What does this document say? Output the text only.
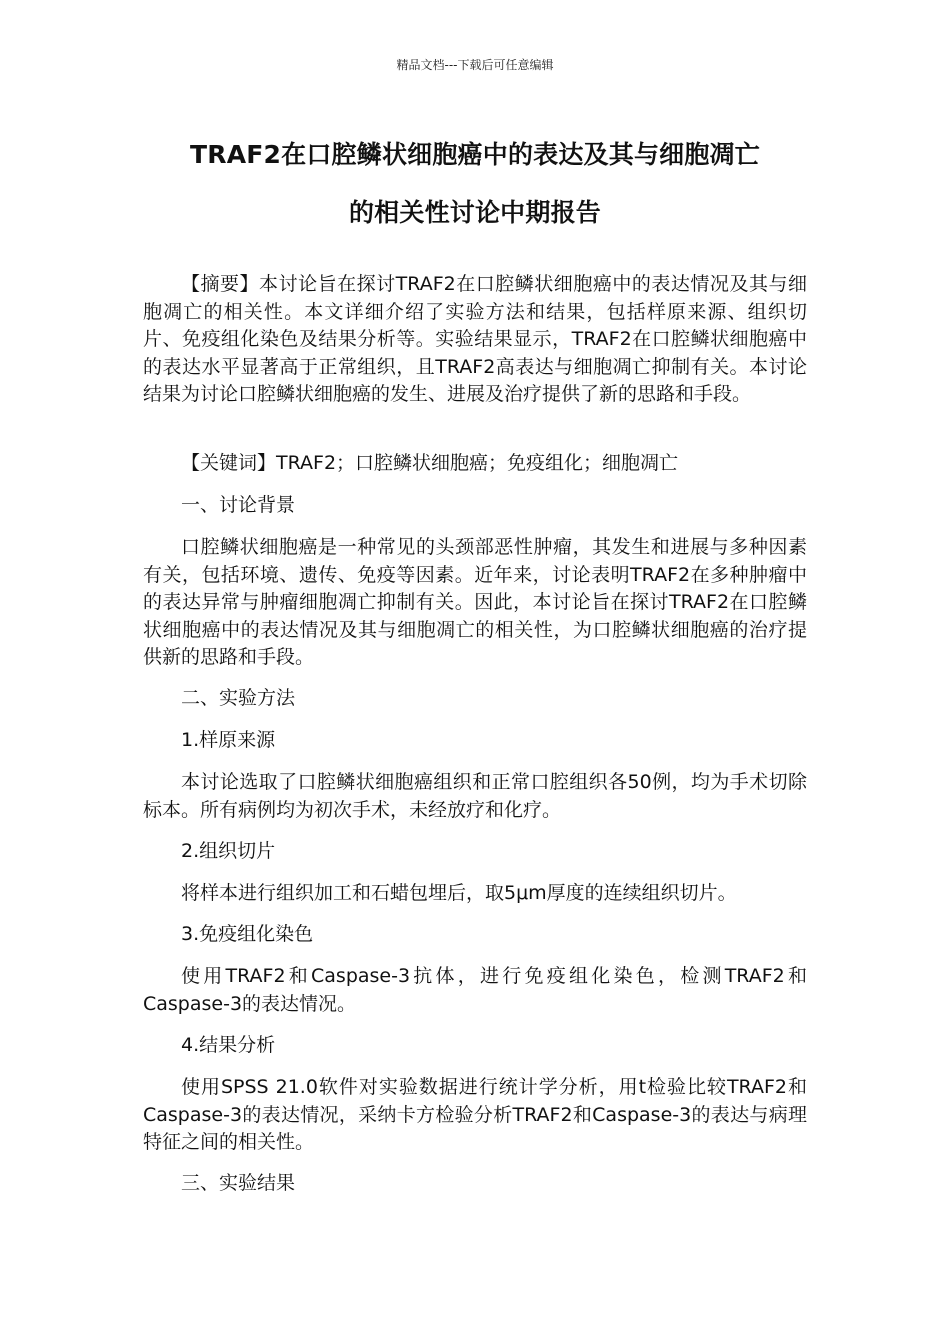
精品文档---下载后可任意编辑
TRAF2在口腔鳞状细胞癌中的表达及其与细胞凋亡
的相关性讨论中期报告

【摘要】本讨论旨在探讨TRAF2在口腔鳞状细胞癌中的表达情况及其与细胞凋亡的相关性。本文详细介绍了实验方法和结果，包括样原来源、组织切片、免疫组化染色及结果分析等。实验结果显示，TRAF2在口腔鳞状细胞癌中的表达水平显著高于正常组织，且TRAF2高表达与细胞凋亡抑制有关。本讨论结果为讨论口腔鳞状细胞癌的发生、进展及治疗提供了新的思路和手段。

【关键词】TRAF2；口腔鳞状细胞癌；免疫组化；细胞凋亡

一、讨论背景

口腔鳞状细胞癌是一种常见的头颈部恶性肿瘤，其发生和进展与多种因素有关，包括环境、遗传、免疫等因素。近年来，讨论表明TRAF2在多种肿瘤中的表达异常与肿瘤细胞凋亡抑制有关。因此，本讨论旨在探讨TRAF2在口腔鳞状细胞癌中的表达情况及其与细胞凋亡的相关性，为口腔鳞状细胞癌的治疗提供新的思路和手段。

二、实验方法

1.样原来源

本讨论选取了口腔鳞状细胞癌组织和正常口腔组织各50例，均为手术切除标本。所有病例均为初次手术，未经放疗和化疗。

2.组织切片

将样本进行组织加工和石蜡包埋后，取5μm厚度的连续组织切片。

3.免疫组化染色

使用TRAF2和Caspase-3抗体，进行免疫组化染色，检测TRAF2和Caspase-3的表达情况。

4.结果分析

使用SPSS 21.0软件对实验数据进行统计学分析，用t检验比较TRAF2和Caspase-3的表达情况，采纳卡方检验分析TRAF2和Caspase-3的表达与病理特征之间的相关性。

三、实验结果
